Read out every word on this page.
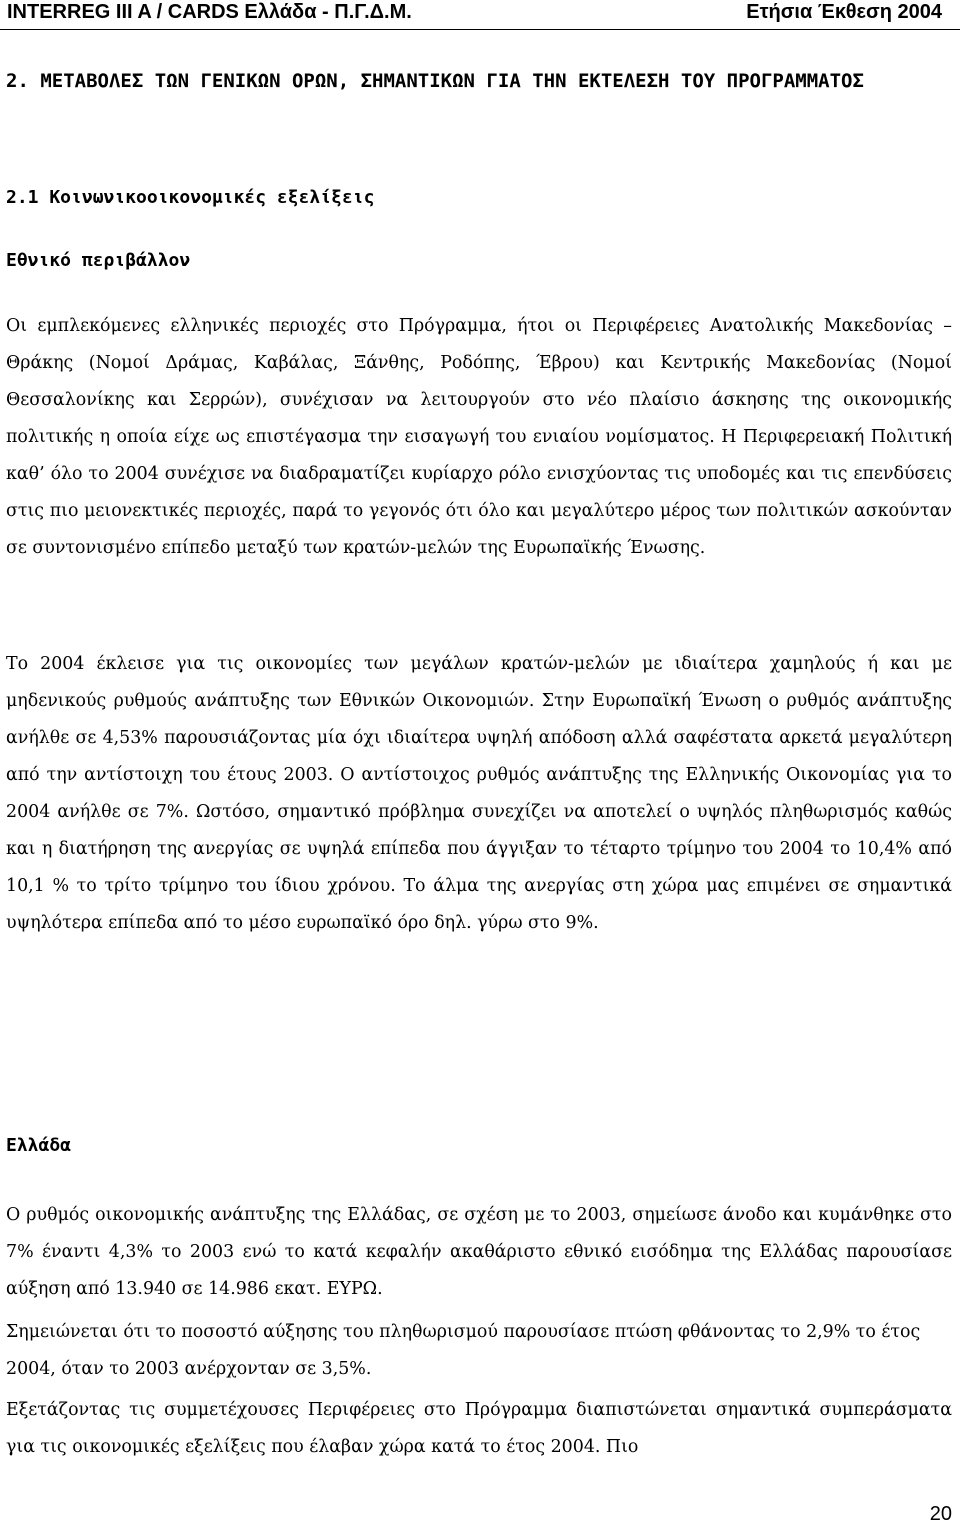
INTERREG III A / CARDS Ελλάδα - Π.Γ.Δ.Μ.	Ετήσια Έκθεση 2004
2. ΜΕΤΑΒΟΛΕΣ ΤΩΝ ΓΕΝΙΚΩΝ ΟΡΩΝ, ΣΗΜΑΝΤΙΚΩΝ ΓΙΑ ΤΗΝ ΕΚΤΕΛΕΣΗ ΤΟΥ ΠΡΟΓΡΑΜΜΑΤΟΣ
2.1 Κοινωνικοοικονομικές εξελίξεις
Εθνικό περιβάλλον

Οι εμπλεκόμενες ελληνικές περιοχές στο Πρόγραμμα, ήτοι οι Περιφέρειες Ανατολικής Μακεδονίας – Θράκης (Νομοί Δράμας, Καβάλας, Ξάνθης, Ροδόπης, Έβρου) και Κεντρικής Μακεδονίας (Νομοί Θεσσαλονίκης και Σερρών), συνέχισαν να λειτουργούν στο νέο πλαίσιο άσκησης της οικονομικής πολιτικής η οποία είχε ως επιστέγασμα την εισαγωγή του ενιαίου νομίσματος. Η Περιφερειακή Πολιτική καθ’ όλο το 2004 συνέχισε να διαδραματίζει κυρίαρχο ρόλο ενισχύοντας τις υποδομές και τις επενδύσεις στις πιο μειονεκτικές περιοχές, παρά το γεγονός ότι όλο και μεγαλύτερο μέρος των πολιτικών ασκούνταν σε συντονισμένο επίπεδο μεταξύ των κρατών-μελών της Ευρωπαϊκής Ένωσης.

Το 2004 έκλεισε για τις οικονομίες των μεγάλων κρατών-μελών με ιδιαίτερα χαμηλούς ή και με μηδενικούς ρυθμούς ανάπτυξης των Εθνικών Οικονομιών. Στην Ευρωπαϊκή Ένωση ο ρυθμός ανάπτυξης ανήλθε σε 4,53% παρουσιάζοντας μία όχι ιδιαίτερα υψηλή απόδοση αλλά σαφέστατα αρκετά μεγαλύτερη από την αντίστοιχη του έτους 2003. Ο αντίστοιχος ρυθμός ανάπτυξης της Ελληνικής Οικονομίας για το 2004 ανήλθε σε 7%. Ωστόσο, σημαντικό πρόβλημα συνεχίζει να αποτελεί ο υψηλός πληθωρισμός καθώς και η διατήρηση της ανεργίας σε υψηλά επίπεδα που άγγιξαν το τέταρτο τρίμηνο του 2004 το 10,4% από 10,1 % το τρίτο τρίμηνο του ίδιου χρόνου. Το άλμα της ανεργίας στη χώρα μας επιμένει σε σημαντικά υψηλότερα επίπεδα από το μέσο ευρωπαϊκό όρο δηλ. γύρω στο 9%.

Ελλάδα

Ο ρυθμός οικονομικής ανάπτυξης της Ελλάδας, σε σχέση με το 2003, σημείωσε άνοδο και κυμάνθηκε στο 7% έναντι 4,3% το 2003 ενώ το κατά κεφαλήν ακαθάριστο εθνικό εισόδημα της Ελλάδας παρουσίασε αύξηση από 13.940 σε 14.986 εκατ. ΕΥΡΩ.

Σημειώνεται ότι το ποσοστό αύξησης του πληθωρισμού παρουσίασε πτώση φθάνοντας το 2,9% το έτος 2004, όταν το 2003 ανέρχονταν σε 3,5%.

Εξετάζοντας τις συμμετέχουσες Περιφέρειες στο Πρόγραμμα διαπιστώνεται σημαντικά συμπεράσματα για τις οικονομικές εξελίξεις που έλαβαν χώρα κατά το έτος 2004. Πιο

20
